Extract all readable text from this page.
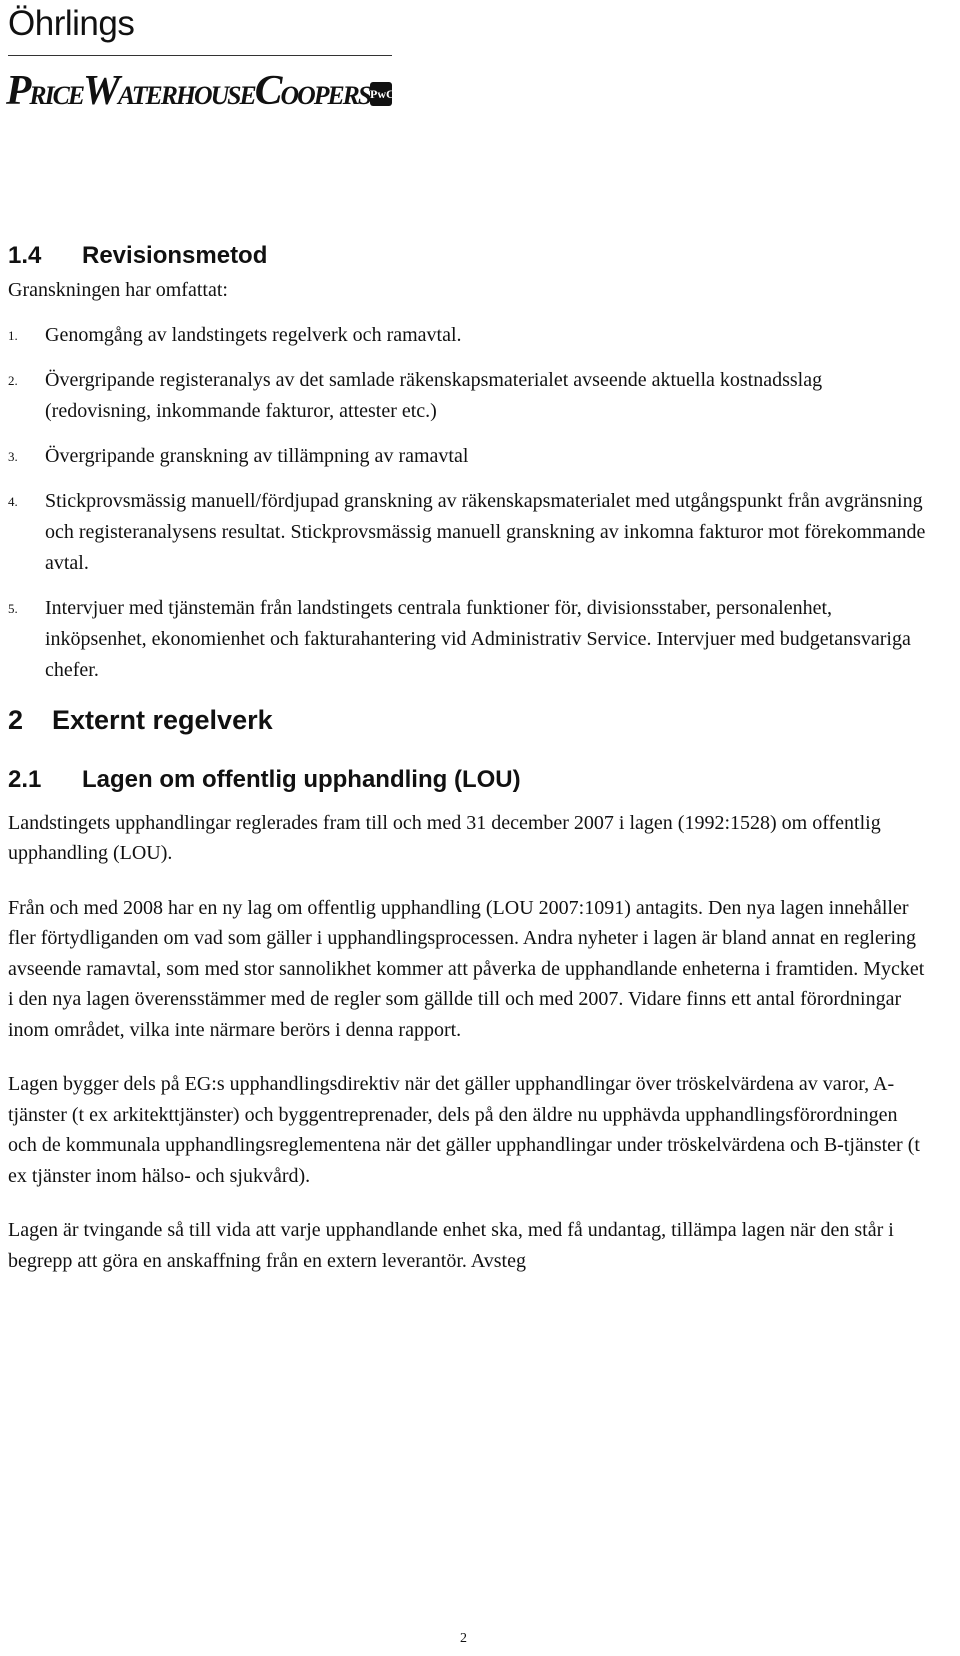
Öhrlings
PRICEWATERHOUSECOOPERS PwC
1.4 Revisionsmetod

Granskningen har omfattat:

1. Genomgång av landstingets regelverk och ramavtal.
2. Övergripande registeranalys av det samlade räkenskapsmaterialet avseende aktuella kostnadsslag (redovisning, inkommande fakturor, attester etc.)
3. Övergripande granskning av tillämpning av ramavtal
4. Stickprovsmässig manuell/fördjupad granskning av räkenskapsmaterialet med utgångspunkt från avgränsning och registeranalysens resultat. Stickprovsmässig manuell granskning av inkomna fakturor mot förekommande avtal.
5. Intervjuer med tjänstemän från landstingets centrala funktioner för, divisionsstaber, personalenhet, inköpsenhet, ekonomienhet och fakturahantering vid Administrativ Service. Intervjuer med budgetansvariga chefer.
2 Externt regelverk
2.1 Lagen om offentlig upphandling (LOU)

Landstingets upphandlingar reglerades fram till och med 31 december 2007 i lagen (1992:1528) om offentlig upphandling (LOU).

Från och med 2008 har en ny lag om offentlig upphandling (LOU 2007:1091) antagits. Den nya lagen innehåller fler förtydliganden om vad som gäller i upphandlingsprocessen. Andra nyheter i lagen är bland annat en reglering avseende ramavtal, som med stor sannolikhet kommer att påverka de upphandlande enheterna i framtiden. Mycket i den nya lagen överensstämmer med de regler som gällde till och med 2007. Vidare finns ett antal förordningar inom området, vilka inte närmare berörs i denna rapport.

Lagen bygger dels på EG:s upphandlingsdirektiv när det gäller upphandlingar över tröskelvärdena av varor, A-tjänster (t ex arkitekttjänster) och byggentreprenader, dels på den äldre nu upphävda upphandlingsförordningen och de kommunala upphandlingsreglementena när det gäller upphandlingar under tröskelvärdena och B-tjänster (t ex tjänster inom hälso- och sjukvård).

Lagen är tvingande så till vida att varje upphandlande enhet ska, med få undantag, tillämpa lagen när den står i begrepp att göra en anskaffning från en extern leverantör. Avsteg

2
